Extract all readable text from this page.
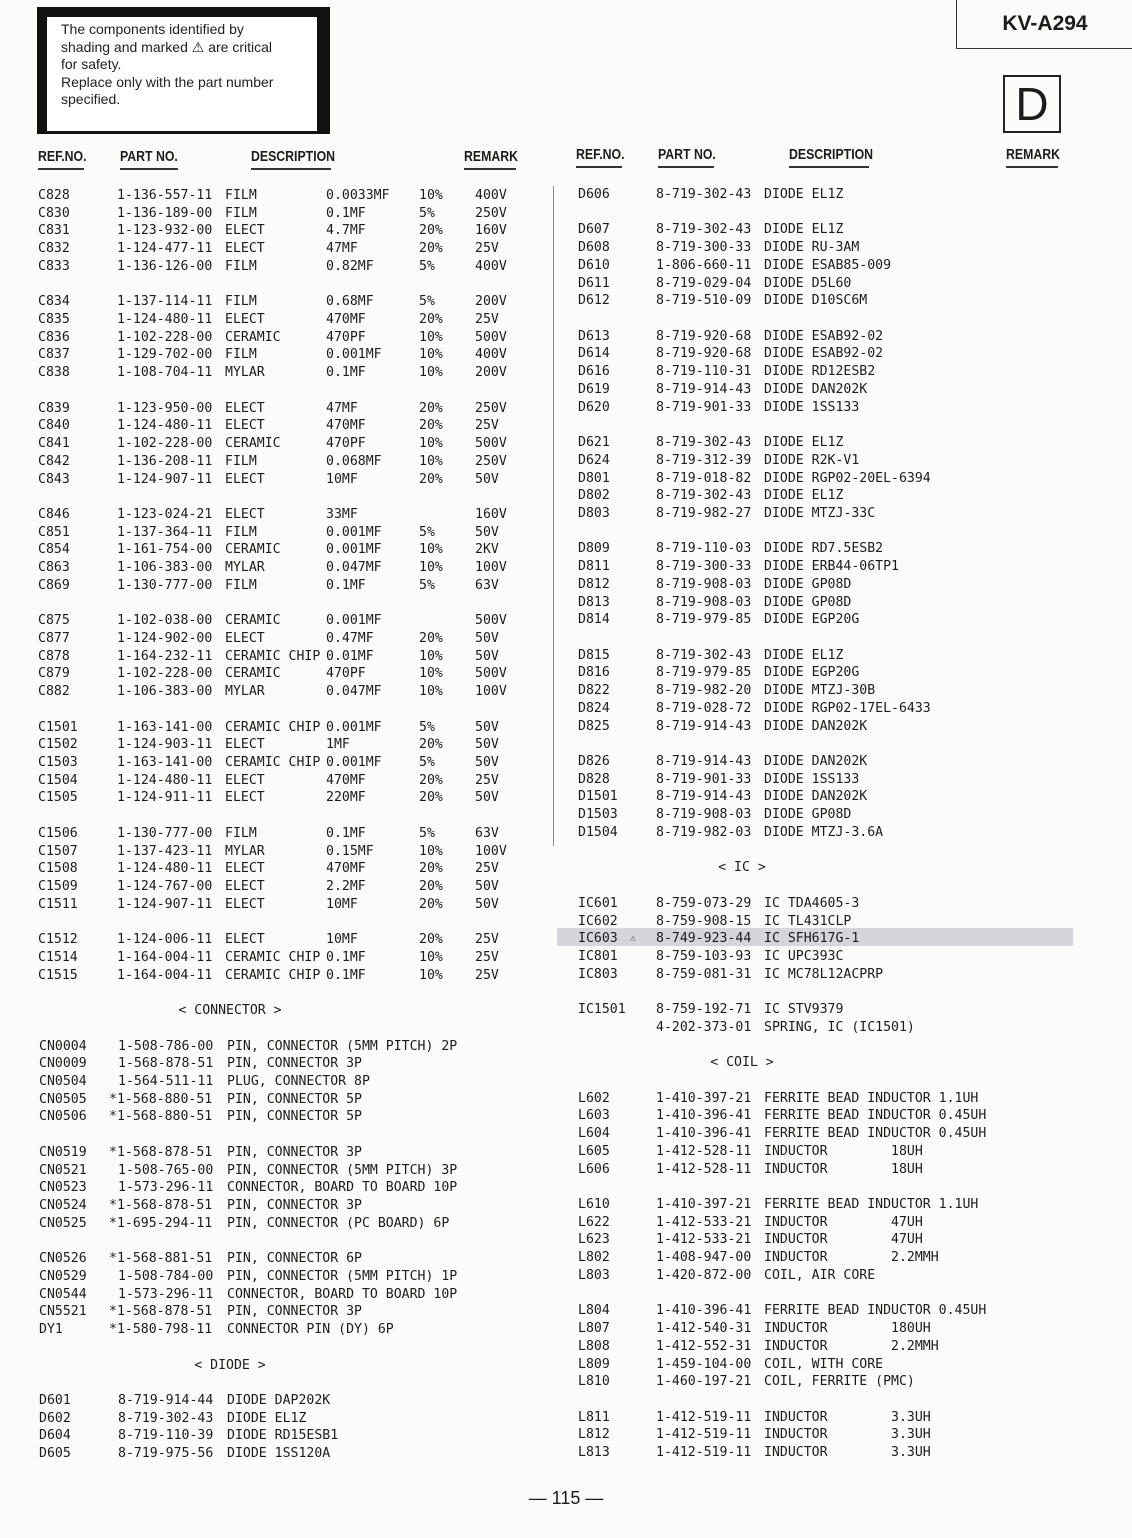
The components identified by
shading and marked ⚠ are critical
for safety.
Replace only with the part number
specified.
KV-A294
D
REF.NO. PART NO.	DESCRIPTION	REMARK	REF.NO. PART NO.	DESCRIPTION	REMARK
C828	1-136-557-11 FILM	0.0033MF 10% 400V
C830	1-136-189-00 FILM	0.1MF	5%	250V
C831	1-123-932-00 ELECT	4.7MF	20% 160V
C832	1-124-477-11 ELECT	47MF	20% 25V
C833	1-136-126-00 FILM	0.82MF	5%	400V
C834	1-137-114-11 FILM	0.68MF	5%	200V
C835	1-124-480-11 ELECT	470MF	20% 25V
C836	1-102-228-00 CERAMIC	470PF	10% 500V
C837	1-129-702-00 FILM	0.001MF	10% 400V
C838	1-108-704-11 MYLAR	0.1MF	10% 200V
C839	1-123-950-00 ELECT	47MF	20% 250V
C840	1-124-480-11 ELECT	470MF	20% 25V
C841	1-102-228-00 CERAMIC	470PF	10% 500V
C842	1-136-208-11 FILM	0.068MF	10% 250V
C843	1-124-907-11 ELECT	10MF	20% 50V
C846	1-123-024-21 ELECT	33MF	160V
C851	1-137-364-11 FILM	0.001MF	5%	50V
C854	1-161-754-00 CERAMIC	0.001MF	10% 2KV
C863	1-106-383-00 MYLAR	0.047MF	10% 100V
C869	1-130-777-00 FILM	0.1MF	5%	63V
C875	1-102-038-00 CERAMIC	0.001MF	500V
C877	1-124-902-00 ELECT	0.47MF	20% 50V
C878	1-164-232-11 CERAMIC CHIP 0.01MF	10% 50V
C879	1-102-228-00 CERAMIC	470PF	10% 500V
C882	1-106-383-00 MYLAR	0.047MF	10% 100V
C1501	1-163-141-00 CERAMIC CHIP 0.001MF	5%	50V
C1502	1-124-903-11 ELECT	1MF	20% 50V
C1503	1-163-141-00 CERAMIC CHIP 0.001MF	5%	50V
C1504	1-124-480-11 ELECT	470MF	20% 25V
C1505	1-124-911-11 ELECT	220MF	20% 50V
C1506	1-130-777-00 FILM	0.1MF	5%	63V
C1507	1-137-423-11 MYLAR	0.15MF	10% 100V
C1508	1-124-480-11 ELECT	470MF	20% 25V
C1509	1-124-767-00 ELECT	2.2MF	20% 50V
C1511	1-124-907-11 ELECT	10MF	20% 50V
C1512	1-124-006-11 ELECT	10MF	20% 25V
C1514	1-164-004-11 CERAMIC CHIP 0.1MF	10% 25V
C1515	1-164-004-11 CERAMIC CHIP 0.1MF	10% 25V
< CONNECTOR >
CN0004 1-508-786-00 PIN, CONNECTOR (5MM PITCH) 2P
CN0009 1-568-878-51 PIN, CONNECTOR 3P
CN0504 1-564-511-11 PLUG, CONNECTOR 8P
CN0505 *1-568-880-51 PIN, CONNECTOR 5P
CN0506 *1-568-880-51 PIN, CONNECTOR 5P
CN0519 *1-568-878-51 PIN, CONNECTOR 3P
CN0521 1-508-765-00 PIN, CONNECTOR (5MM PITCH) 3P
CN0523 1-573-296-11 CONNECTOR, BOARD TO BOARD 10P
CN0524 *1-568-878-51 PIN, CONNECTOR 3P
CN0525 *1-695-294-11 PIN, CONNECTOR (PC BOARD) 6P
CN0526 *1-568-881-51 PIN, CONNECTOR 6P
CN0529 1-508-784-00 PIN, CONNECTOR (5MM PITCH) 1P
CN0544 1-573-296-11 CONNECTOR, BOARD TO BOARD 10P
CN5521 *1-568-878-51 PIN, CONNECTOR 3P
DY1	*1-580-798-11 CONNECTOR PIN (DY) 6P
< DIODE >
D601	8-719-914-44 DIODE DAP202K
D602	8-719-302-43 DIODE EL1Z
D604	8-719-110-39 DIODE RD15ESB1
D605	8-719-975-56 DIODE 1SS120A
D606	8-719-302-43 DIODE EL1Z
D607	8-719-302-43 DIODE EL1Z
D608	8-719-300-33 DIODE RU-3AM
D610	1-806-660-11 DIODE ESAB85-009
D611	8-719-029-04 DIODE D5L60
D612	8-719-510-09 DIODE D10SC6M
D613	8-719-920-68 DIODE ESAB92-02
D614	8-719-920-68 DIODE ESAB92-02
D616	8-719-110-31 DIODE RD12ESB2
D619	8-719-914-43 DIODE DAN202K
D620	8-719-901-33 DIODE 1SS133
D621	8-719-302-43 DIODE EL1Z
D624	8-719-312-39 DIODE R2K-V1
D801	8-719-018-82 DIODE RGP02-20EL-6394
D802	8-719-302-43 DIODE EL1Z
D803	8-719-982-27 DIODE MTZJ-33C
D809	8-719-110-03 DIODE RD7.5ESB2
D811	8-719-300-33 DIODE ERB44-06TP1
D812	8-719-908-03 DIODE GP08D
D813	8-719-908-03 DIODE GP08D
D814	8-719-979-85 DIODE EGP20G
D815	8-719-302-43 DIODE EL1Z
D816	8-719-979-85 DIODE EGP20G
D822	8-719-982-20 DIODE MTZJ-30B
D824	8-719-028-72 DIODE RGP02-17EL-6433
D825	8-719-914-43 DIODE DAN202K
D826	8-719-914-43 DIODE DAN202K
D828	8-719-901-33 DIODE 1SS133
D1501	8-719-914-43 DIODE DAN202K
D1503	8-719-908-03 DIODE GP08D
D1504	8-719-982-03 DIODE MTZJ-3.6A
< IC >
IC601	8-759-073-29 IC TDA4605-3
IC602	8-759-908-15 IC TL431CLP
IC603	8-749-923-44 IC SFH617G-1
⚠
IC801	8-759-103-93 IC UPC393C
IC803	8-759-081-31 IC MC78L12ACPRP
IC1501 8-759-192-71 IC STV9379
4-202-373-01 SPRING, IC (IC1501)
< COIL >
L602	1-410-397-21 FERRITE BEAD INDUCTOR 1.1UH
L603	1-410-396-41 FERRITE BEAD INDUCTOR 0.45UH
L604	1-410-396-41 FERRITE BEAD INDUCTOR 0.45UH
L605	1-412-528-11 INDUCTOR        18UH
L606	1-412-528-11 INDUCTOR        18UH
L610	1-410-397-21 FERRITE BEAD INDUCTOR 1.1UH
L622	1-412-533-21 INDUCTOR        47UH
L623	1-412-533-21 INDUCTOR        47UH
L802	1-408-947-00 INDUCTOR        2.2MMH
L803	1-420-872-00 COIL, AIR CORE
L804	1-410-396-41 FERRITE BEAD INDUCTOR 0.45UH
L807	1-412-540-31 INDUCTOR        180UH
L808	1-412-552-31 INDUCTOR        2.2MMH
L809	1-459-104-00 COIL, WITH CORE
L810	1-460-197-21 COIL, FERRITE (PMC)
L811	1-412-519-11 INDUCTOR        3.3UH
L812	1-412-519-11 INDUCTOR        3.3UH
L813	1-412-519-11 INDUCTOR        3.3UH
— 115 —
